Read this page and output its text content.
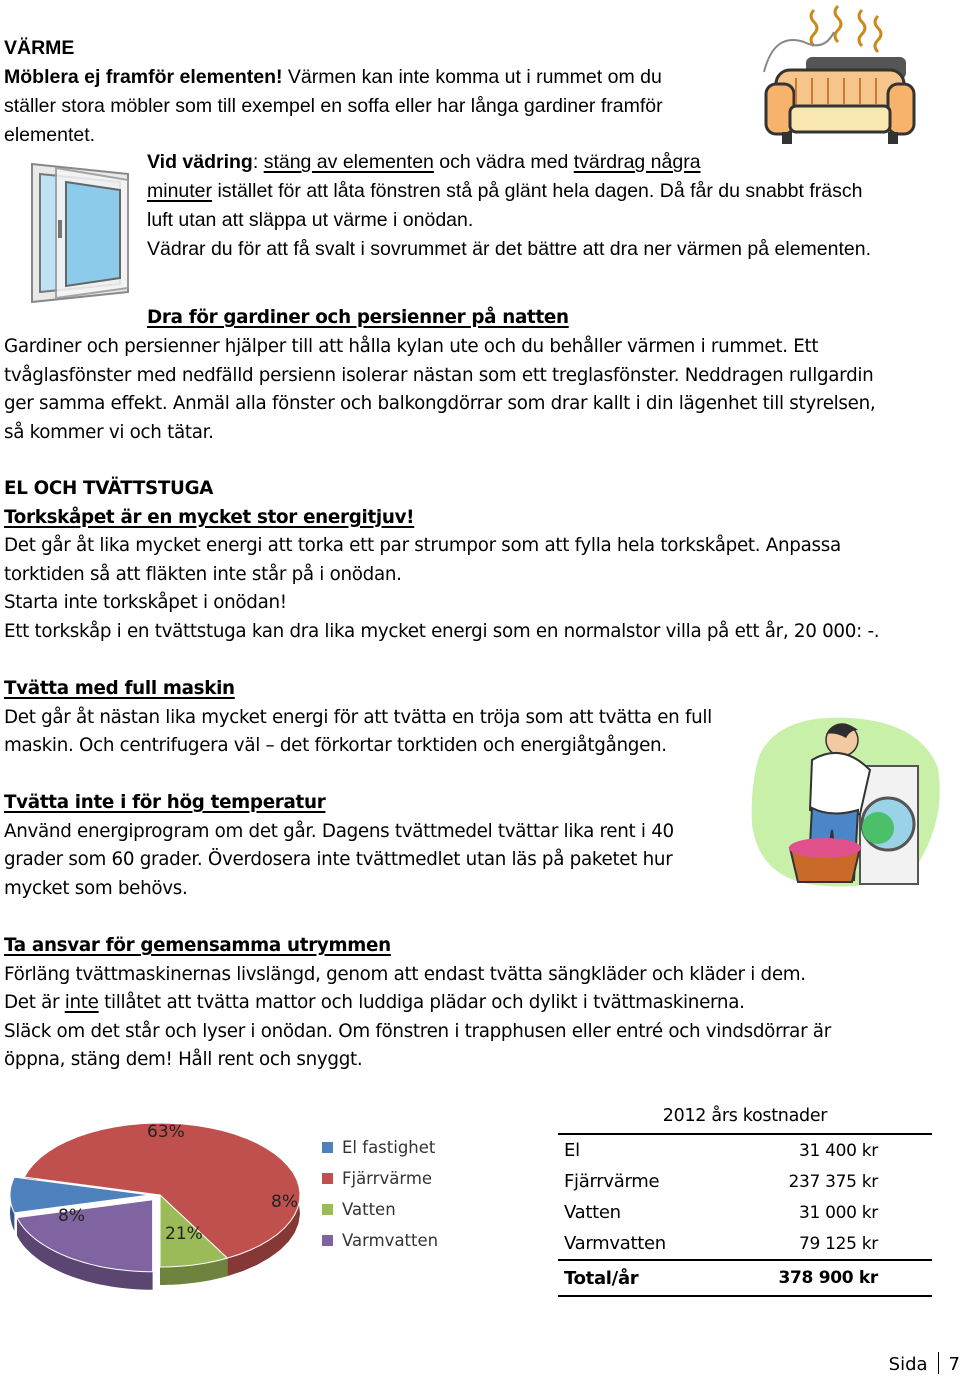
VÄRME
Möblera ej framför elementen! Värmen kan inte komma ut i rummet om du
ställer stora möbler som till exempel en soffa eller har långa gardiner framför
elementet.
Vid vädring: stäng av elementen och vädra med tvärdrag några
minuter istället för att låta fönstren stå på glänt hela dagen. Då får du snabbt fräsch
luft utan att släppa ut värme i onödan.
Vädrar du för att få svalt i sovrummet är det bättre att dra ner värmen på elementen.
Dra för gardiner och persienner på natten
Gardiner och persienner hjälper till att hålla kylan ute och du behåller värmen i rummet. Ett
tvåglasfönster med nedfälld persienn isolerar nästan som ett treglasfönster. Neddragen rullgardin
ger samma effekt. Anmäl alla fönster och balkongdörrar som drar kallt i din lägenhet till styrelsen,
så kommer vi och tätar.
EL OCH TVÄTTSTUGA
Torkskåpet är en mycket stor energitjuv!
Det går åt lika mycket energi att torka ett par strumpor som att fylla hela torkskåpet. Anpassa
torktiden så att fläkten inte står på i onödan.
Starta inte torkskåpet i onödan!
Ett torkskåp i en tvättstuga kan dra lika mycket energi som en normalstor villa på ett år, 20 000: -.
Tvätta med full maskin
Det går åt nästan lika mycket energi för att tvätta en tröja som att tvätta en full
maskin. Och centrifugera väl – det förkortar torktiden och energiåtgången.
Tvätta inte i för hög temperatur
Använd energiprogram om det går. Dagens tvättmedel tvättar lika rent i 40
grader som 60 grader. Överdosera inte tvättmedlet utan läs på paketet hur
mycket som behövs.
Ta ansvar för gemensamma utrymmen
Förläng tvättmaskinernas livslängd, genom att endast tvätta sängkläder och kläder i dem.
Det är inte tillåtet att tvätta mattor och luddiga plädar och dylikt i tvättmaskinerna.
Släck om det står och lyser i onödan. Om fönstren i trapphusen eller entré och vindsdörrar är
öppna, stäng dem! Håll rent och snyggt.
63%
8%
21%
8%
El fastighet
Fjärrvärme
Vatten
Varmvatten
2012 års kostnader
El	31 400 kr
Fjärrvärme	237 375 kr
Vatten	31 000 kr
Varmvatten	79 125 kr
Total/år	378 900 kr
Sida 7
